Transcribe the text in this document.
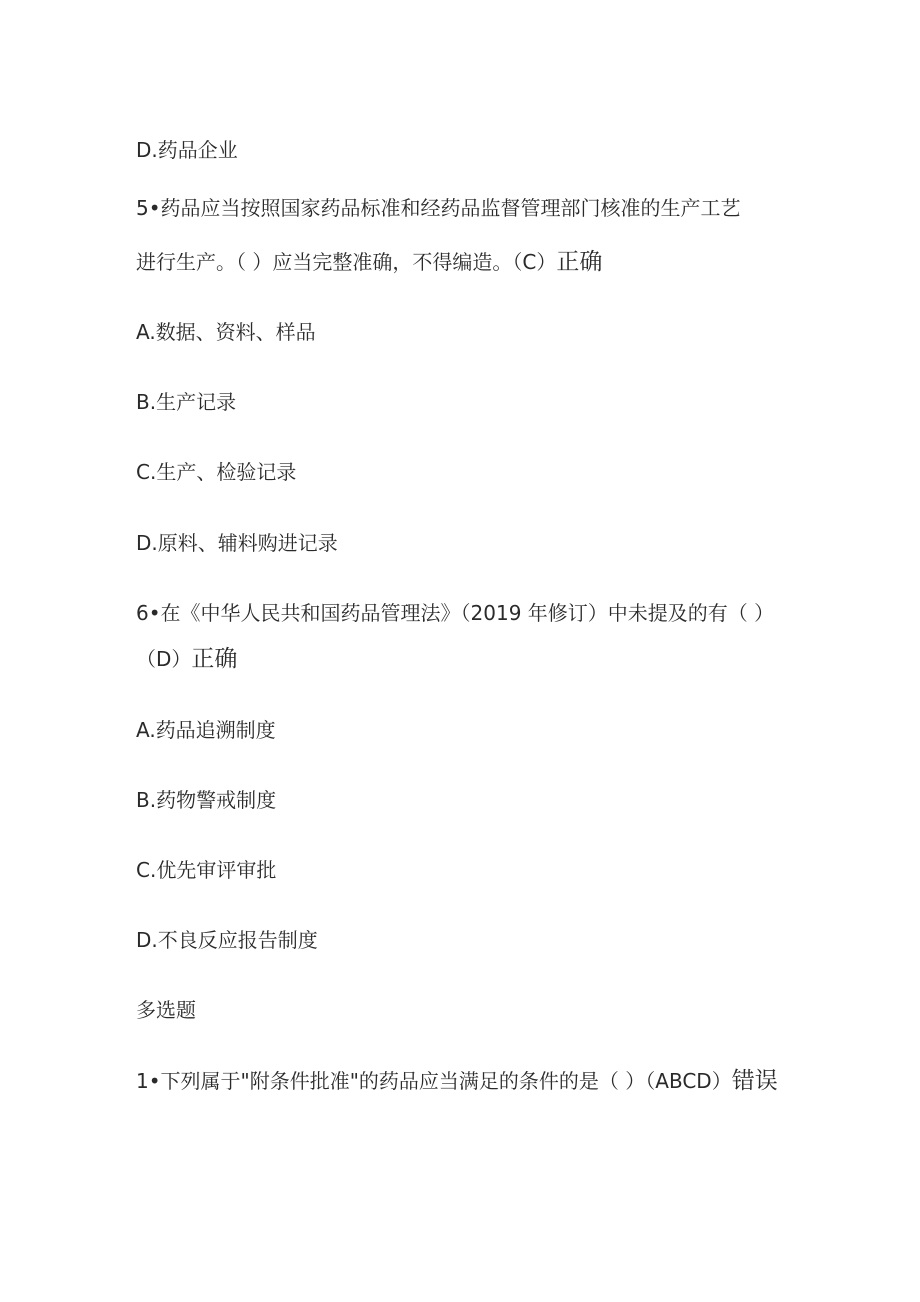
D.药品企业
5•药品应当按照国家药品标准和经药品监督管理部门核准的生产工艺
进行生产。（ ）应当完整准确，不得编造。（C）正确
A.数据、资料、样品
B.生产记录
C.生产、检验记录
D.原料、辅料购进记录
6•在《中华人民共和国药品管理法》（2019 年修订）中未提及的有（ ）
（D）正确
A.药品追溯制度
B.药物警戒制度
C.优先审评审批
D.不良反应报告制度
多选题
1•下列属于"附条件批准"的药品应当满足的条件的是（ ）（ABCD）错误
